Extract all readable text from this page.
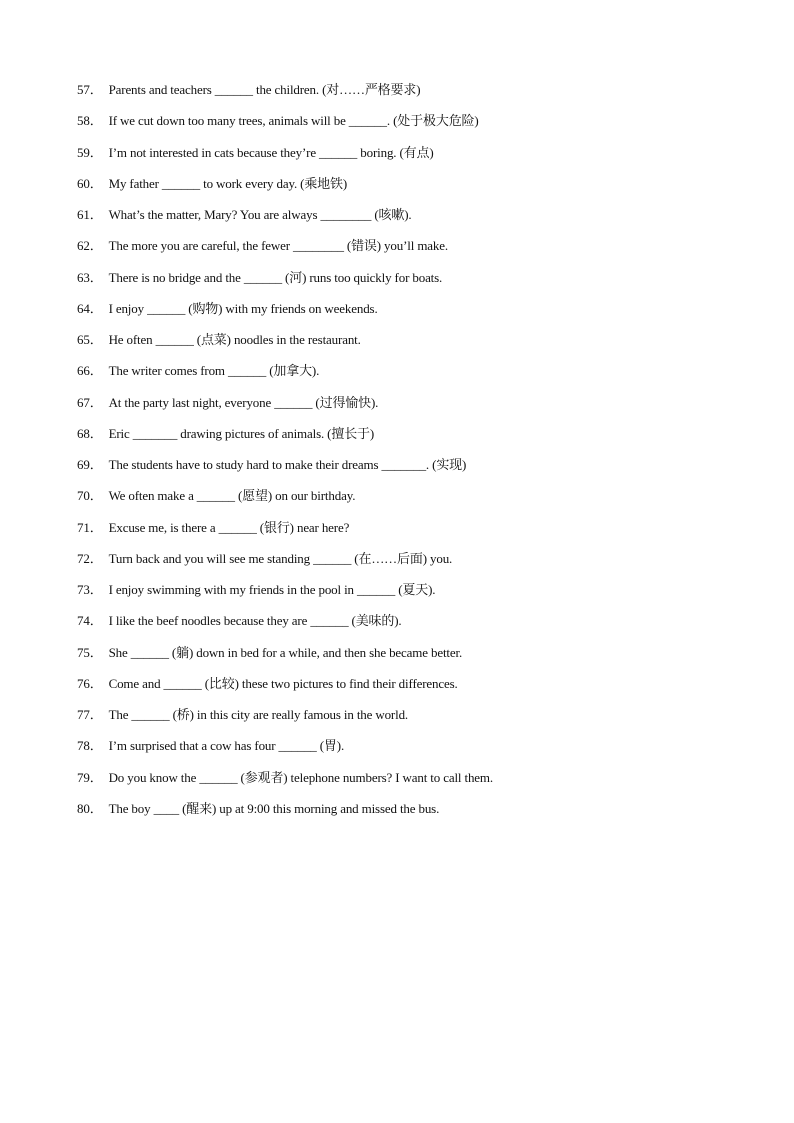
57． Parents and teachers ______ the children. (对……严格要求)
58． If we cut down too many trees, animals will be ______. (处于极大危险)
59． I’m not interested in cats because they’re ______ boring. (有点)
60． My father ______ to work every day. (乘地铁)
61． What’s the matter, Mary? You are always ________ (咳嗽).
62． The more you are careful, the fewer ________ (错误) you’ll make.
63． There is no bridge and the ______ (河) runs too quickly for boats.
64． I enjoy ______ (购物) with my friends on weekends.
65． He often ______ (点菜) noodles in the restaurant.
66． The writer comes from ______ (加拿大).
67． At the party last night, everyone ______ (过得愉快).
68． Eric _______ drawing pictures of animals. (擅长于)
69． The students have to study hard to make their dreams _______. (实现)
70． We often make a ______ (愿望) on our birthday.
71． Excuse me, is there a ______ (银行) near here?
72． Turn back and you will see me standing ______ (在……后面) you.
73． I enjoy swimming with my friends in the pool in ______ (夏天).
74． I like the beef noodles because they are ______ (美味的).
75． She ______ (躺) down in bed for a while, and then she became better.
76． Come and ______ (比较) these two pictures to find their differences.
77． The ______ (桥) in this city are really famous in the world.
78． I’m surprised that a cow has four ______ (胃).
79． Do you know the ______ (参观者) telephone numbers? I want to call them.
80． The boy ____ (醒来) up at 9:00 this morning and missed the bus.
